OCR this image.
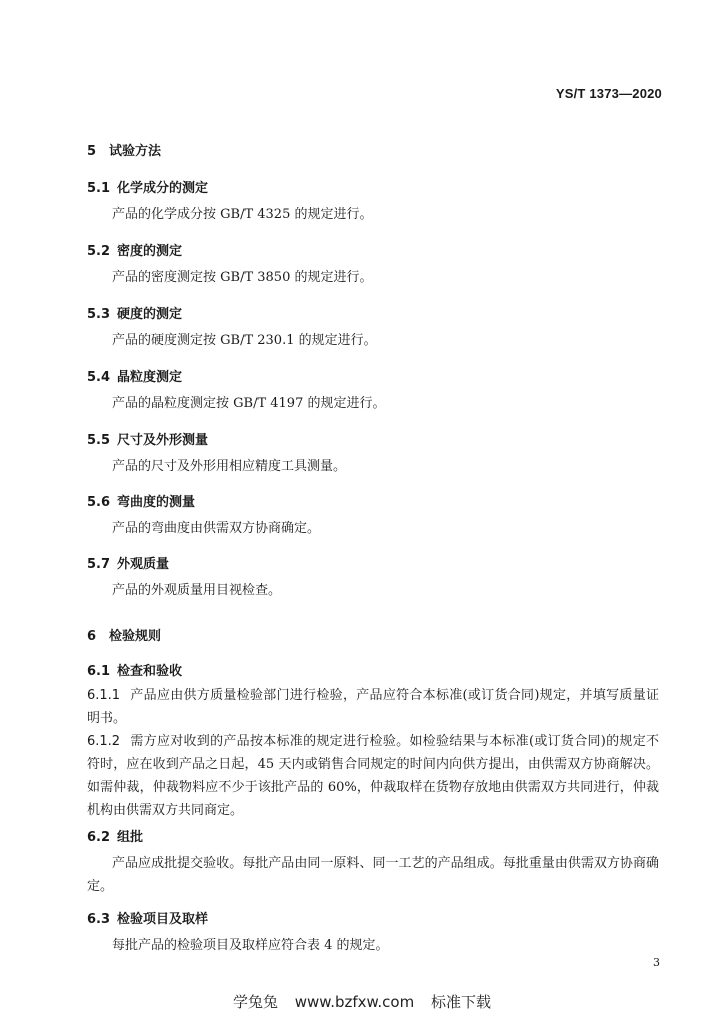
YS/T 1373—2020
5 试验方法
5.1 化学成分的测定
产品的化学成分按 GB/T 4325 的规定进行。
5.2 密度的测定
产品的密度测定按 GB/T 3850 的规定进行。
5.3 硬度的测定
产品的硬度测定按 GB/T 230.1 的规定进行。
5.4 晶粒度测定
产品的晶粒度测定按 GB/T 4197 的规定进行。
5.5 尺寸及外形测量
产品的尺寸及外形用相应精度工具测量。
5.6 弯曲度的测量
产品的弯曲度由供需双方协商确定。
5.7 外观质量
产品的外观质量用目视检查。
6 检验规则
6.1 检查和验收
6.1.1 产品应由供方质量检验部门进行检验，产品应符合本标准(或订货合同)规定，并填写质量证明书。
6.1.2 需方应对收到的产品按本标准的规定进行检验。如检验结果与本标准(或订货合同)的规定不符时，应在收到产品之日起，45 天内或销售合同规定的时间内向供方提出，由供需双方协商解决。如需仲裁，仲裁物料应不少于该批产品的 60%，仲裁取样在货物存放地由供需双方共同进行，仲裁机构由供需双方共同商定。
6.2 组批
产品应成批提交验收。每批产品由同一原料、同一工艺的产品组成。每批重量由供需双方协商确定。
6.3 检验项目及取样
每批产品的检验项目及取样应符合表 4 的规定。
3
学兔兔 www.bzfxw.com 标准下载
